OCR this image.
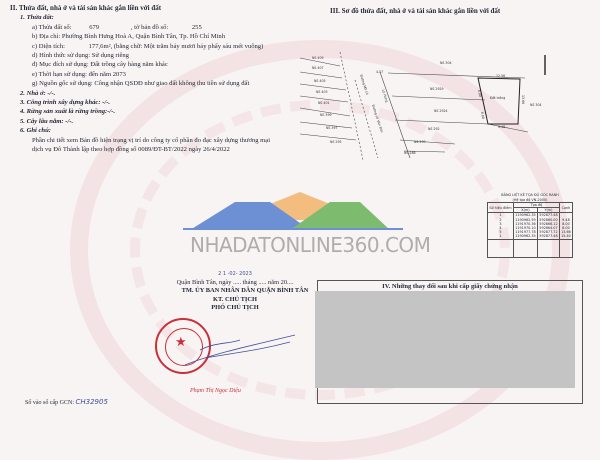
II. Thửa đất, nhà ở và tài sản khác gắn liền với đất
1. Thửa đất:
a) Thửa đất số:	679	, tờ bản đồ số:	255
b) Địa chỉ: Phường Bình Hưng Hoà A, Quận Bình Tân, Tp. Hồ Chí Minh
c) Diện tích:	177,6m², (bằng chữ: Một trăm bảy mươi bảy phẩy sáu mét vuông)
d) Hình thức sử dụng: Sử dụng riêng
đ) Mục đích sử dụng: Đất trồng cây hàng năm khác
e) Thời hạn sử dụng: đến năm 2073
g) Nguồn gốc sử dụng: Công nhận QSDĐ như giao đất không thu tiền sử dụng đất
2. Nhà ở: -/-.
3. Công trình xây dựng khác: -/-.
4. Rừng sản xuất là rừng trồng:-/-.
5. Cây lâu năm: -/-.
6. Ghi chú:
Phần chi tiết xem Bản đồ hiện trạng vị trí do công ty cổ phần đo đạc xây dựng thương mại dịch vụ Đô Thành lập theo hợp đồng số 0089/ĐT-BT/2022 ngày 26/4/2022
III. Sơ đồ thửa đất, nhà ở và tài sản khác gắn liền với đất
NS 304
NS 2929
NS 2924
NS 292
NS 290
NS 288
NS 304
NS 409
NS 407
NS 405
NS 403
NS 401
NS 399
NS 397
NS 295
Đất trống
Lô Hưng
Đường Mã Lò
Đường số Văn Đức
12.56
9.48
8.00
8.00
13.66
4.57
BẢNG LIỆT KÊ TỌA ĐỘ GÓC RANH
(Hệ tọa độ VN-2000)
Số hiệu điểm	Tọa độ		Cạnh
	X(m)	Y(m)	
1	1190962.35	592877.48	
2	1190962.59	592860.00	9.48
3	1191970.36	592866.12	8.00
4	1191970.10	592864.07	8.00
5	1191977.78	592877.72	13.66
1	1190962.35	592877.48	15.40

NHADATONLINE360.COM
IV. Những thay đổi sau khi cấp giấy chứng nhận
2 1 -02- 2023
Quận Bình Tân, ngày ..... tháng ..... năm 20....
TM. ỦY BAN NHÂN DÂN QUẬN BÌNH TÂN
KT. CHỦ TỊCH
PHÓ CHỦ TỊCH
★
Phạm Thị Ngọc Diệu
Số vào sổ cấp GCN: CH32905
